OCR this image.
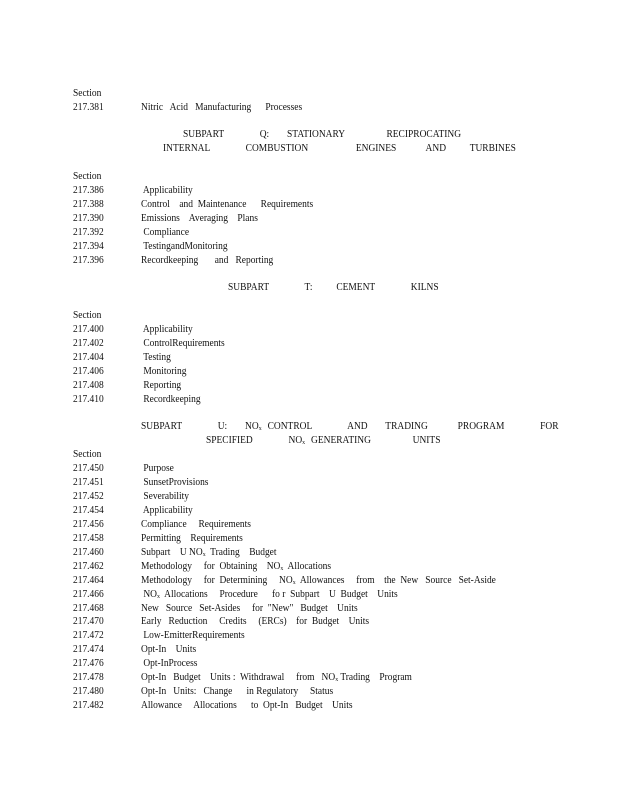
Section
217.381	Nitric   Acid   Manufacturing      Processes
SUBPART      Q:   STATIONARY       RECIPROCATING
INTERNAL      COMBUSTION        ENGINES     AND    TURBINES
Section
217.386	Applicability
217.388	Control    and  Maintenance      Requirements
217.390	Emissions    Averaging    Plans
217.392	Compliance
217.394	TestingandMonitoring
217.396	Recordkeeping       and   Reporting
SUBPART      T:    CEMENT      KILNS
Section
217.400	Applicability
217.402	ControlRequirements
217.404	Testing
217.406	Monitoring
217.408	Reporting
217.410	Recordkeeping
SUBPART      U:   NOx CONTROL      AND   TRADING     PROGRAM      FOR
SPECIFIED      NOx GENERATING       UNITS
Section
217.450	Purpose
217.451	SunsetProvisions
217.452	Severability
217.454	Applicability
217.456	Compliance     Requirements
217.458	Permitting    Requirements
217.460	Subpart    U NOx  Trading    Budget
217.462	Methodology     for  Obtaining    NOx  Allocations
217.464	Methodology     for  Determining     NOx  Allowances     from    the  New   Source   Set-Aside
217.466	NOx  Allocations     Procedure      fo r  Subpart    U  Budget    Units
217.468	New   Source   Set-Asides     for  "New"   Budget    Units
217.470	Early   Reduction     Credits     (ERCs)    for  Budget    Units
217.472	Low-EmitterRequirements
217.474	Opt-In    Units
217.476	Opt-InProcess
217.478	Opt-In   Budget    Units :  Withdrawal     from   NOx Trading    Program
217.480	Opt-In   Units:   Change      in Regulatory     Status
217.482	Allowance     Allocations      to  Opt-In   Budget    Units
